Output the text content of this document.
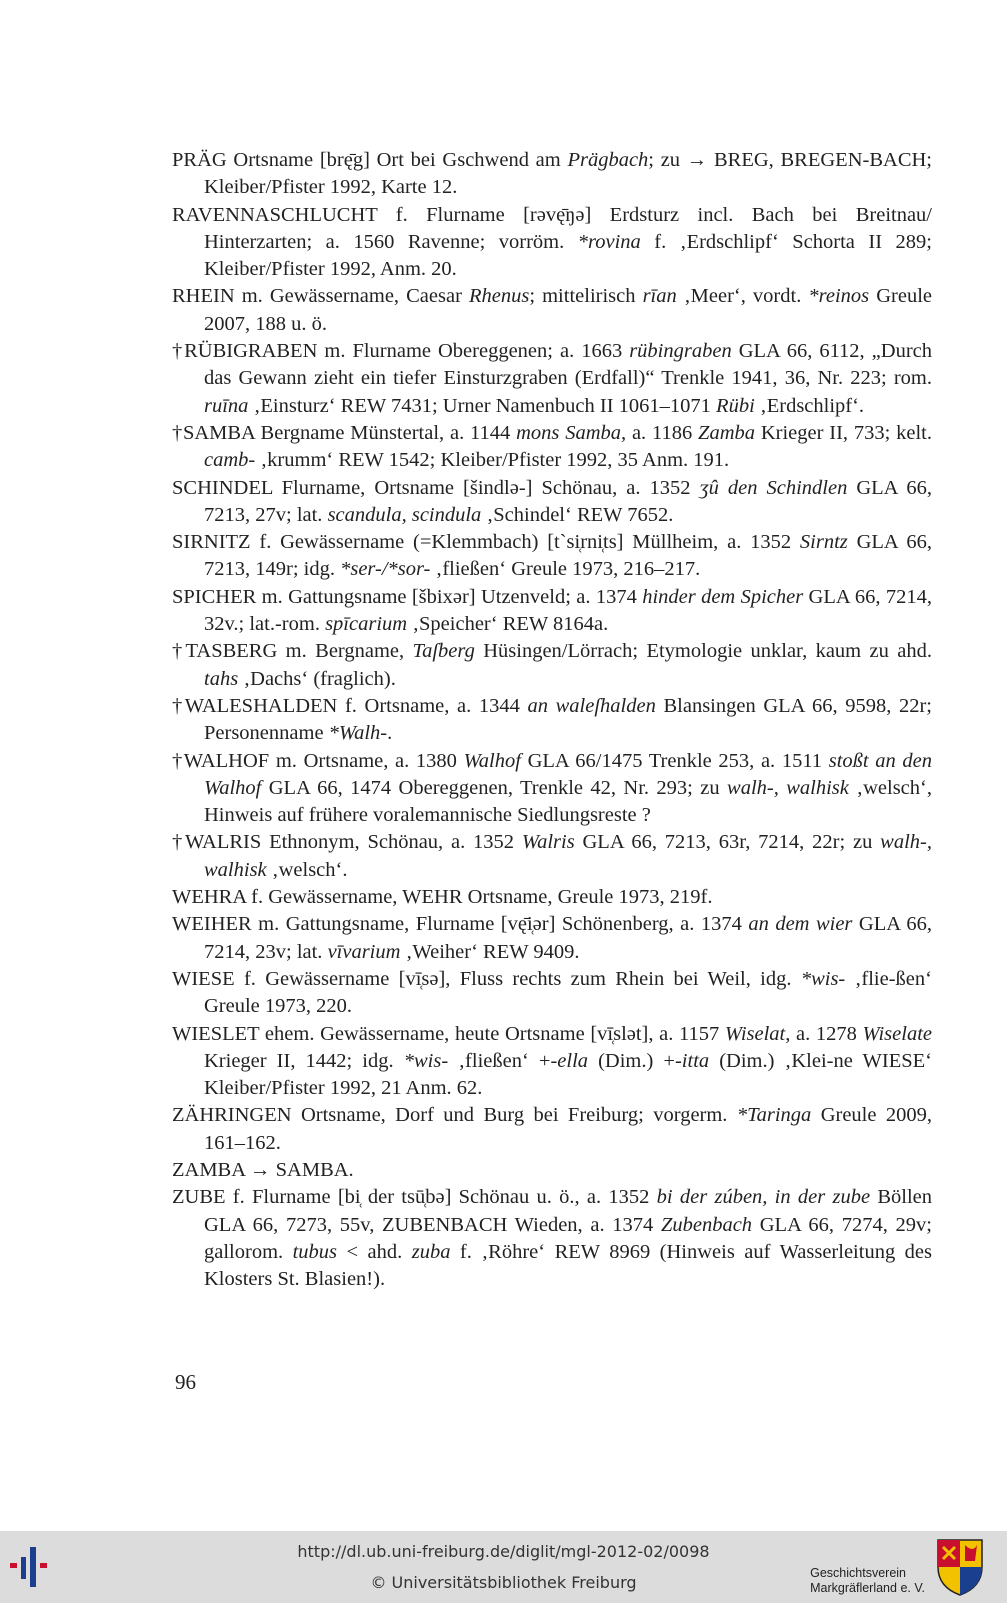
PRÄG Ortsname [brę̄g] Ort bei Gschwend am Prägbach; zu → BREG, BREGEN-BACH; Kleiber/Pfister 1992, Karte 12.
RAVENNASCHLUCHT f. Flurname [rəvę̄ŋə] Erdsturz incl. Bach bei Breitnau/ Hinterzarten; a. 1560 Ravenne; vorröm. *rovina f. ‚Erdschlipf‘ Schorta II 289; Kleiber/Pfister 1992, Anm. 20.
RHEIN m. Gewässername, Caesar Rhenus; mittelirisch rīan ‚Meer‘, vordt. *reinos Greule 2007, 188 u. ö.
†RÜBIGRABEN m. Flurname Obereggenen; a. 1663 rübingraben GLA 66, 6112, „Durch das Gewann zieht ein tiefer Einsturzgraben (Erdfall)“ Trenkle 1941, 36, Nr. 223; rom. ruīna ‚Einsturz‘ REW 7431; Urner Namenbuch II 1061–1071 Rübi ‚Erdschlipf‘.
†SAMBA Bergname Münstertal, a. 1144 mons Samba, a. 1186 Zamba Krieger II, 733; kelt. camb- ‚krumm‘ REW 1542; Kleiber/Pfister 1992, 35 Anm. 191.
SCHINDEL Flurname, Ortsname [šindlə-] Schönau, a. 1352 ʒû den Schindlen GLA 66, 7213, 27v; lat. scandula, scindula ‚Schindel‘ REW 7652.
SIRNITZ f. Gewässername (=Klemmbach) [t`si̜rni̜ts] Müllheim, a. 1352 Sirntz GLA 66, 7213, 149r; idg. *ser-/*sor- ‚fließen‘ Greule 1973, 216–217.
SPICHER m. Gattungsname [šbixər] Utzenveld; a. 1374 hinder dem Spicher GLA 66, 7214, 32v.; lat.-rom. spīcarium ‚Speicher‘ REW 8164a.
†TASBERG m. Bergname, Taſberg Hüsingen/Lörrach; Etymologie unklar, kaum zu ahd. tahs ‚Dachs‘ (fraglich).
†WALESHALDEN f. Ortsname, a. 1344 an waleſhalden Blansingen GLA 66, 9598, 22r; Personenname *Walh-.
†WALHOF m. Ortsname, a. 1380 Walhof GLA 66/1475 Trenkle 253, a. 1511 stoßt an den Walhof GLA 66, 1474 Obereggenen, Trenkle 42, Nr. 293; zu walh-, walhisk ‚welsch‘, Hinweis auf frühere voralemannische Siedlungsreste ?
†WALRIS Ethnonym, Schönau, a. 1352 Walris GLA 66, 7213, 63r, 7214, 22r; zu walh-, walhisk ‚welsch‘.
WEHRA f. Gewässername, WEHR Ortsname, Greule 1973, 219f.
WEIHER m. Gattungsname, Flurname [vę̄i̜ər] Schönenberg, a. 1374 an dem wier GLA 66, 7214, 23v; lat. vīvarium ‚Weiher‘ REW 9409.
WIESE f. Gewässername [vī̜sə], Fluss rechts zum Rhein bei Weil, idg. *wis- ‚flie-ßen‘ Greule 1973, 220.
WIESLET ehem. Gewässername, heute Ortsname [vī̜slət], a. 1157 Wiselat, a. 1278 Wiselate Krieger II, 1442; idg. *wis- ‚fließen‘ +-ella (Dim.) +-itta (Dim.) ‚Klei-ne WIESE‘ Kleiber/Pfister 1992, 21 Anm. 62.
ZÄHRINGEN Ortsname, Dorf und Burg bei Freiburg; vorgerm. *Taringa Greule 2009, 161–162.
ZAMBA → SAMBA.
ZUBE f. Flurname [bi̜ der tsū̜bə] Schönau u. ö., a. 1352 bi der zúben, in der zube Böllen GLA 66, 7273, 55v, ZUBENBACH Wieden, a. 1374 Zubenbach GLA 66, 7274, 29v; gallorom. tubus < ahd. zuba f. ‚Röhre‘ REW 8969 (Hinweis auf Wasserleitung des Klosters St. Blasien!).
96
http://dl.ub.uni-freiburg.de/diglit/mgl-2012-02/0098
© Universitätsbibliothek Freiburg	Geschichtsverein
Markgräflerland e. V.
